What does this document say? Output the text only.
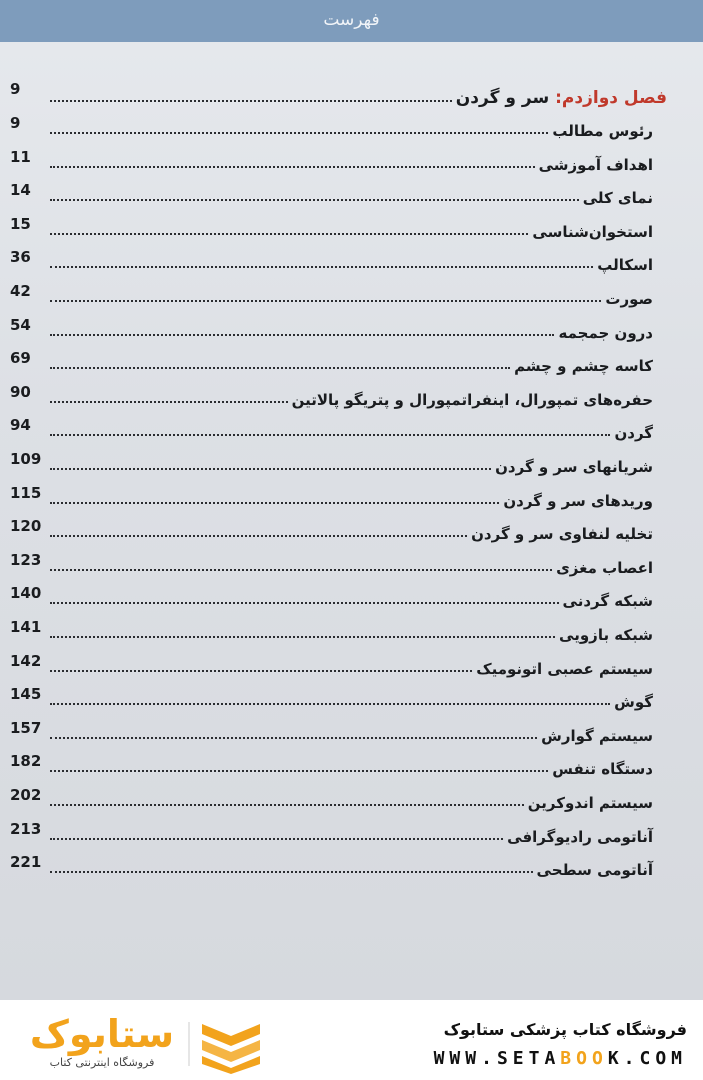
فهرست
فصل دوازدم: سر و گردن
9
رئوس مطالب
9
اهداف آموزشی
11
نمای کلی
14
استخوان‌شناسی
15
اسکالپ
36
صورت
42
درون جمجمه
54
کاسه چشم و چشم
69
حفره‌های تمپورال، اینفراتمپورال و پتریگو پالاتین
90
گردن
94
شریانهای سر و گردن
109
وریدهای سر و گردن
115
تخلیه لنفاوی سر و گردن
120
اعصاب مغزی
123
شبکه گردنی
140
شبکه بازویی
141
سیستم عصبی اتونومیک
142
گوش
145
سیستم گوارش
157
دستگاه تنفس
182
سیستم اندوکرین
202
آناتومی رادیوگرافی
213
آناتومی سطحی
221
ستابوک
فروشگاه اینترنتی کتاب
فروشگاه کتاب پزشکی ستابوک
WWW.SETABOOK.COM
